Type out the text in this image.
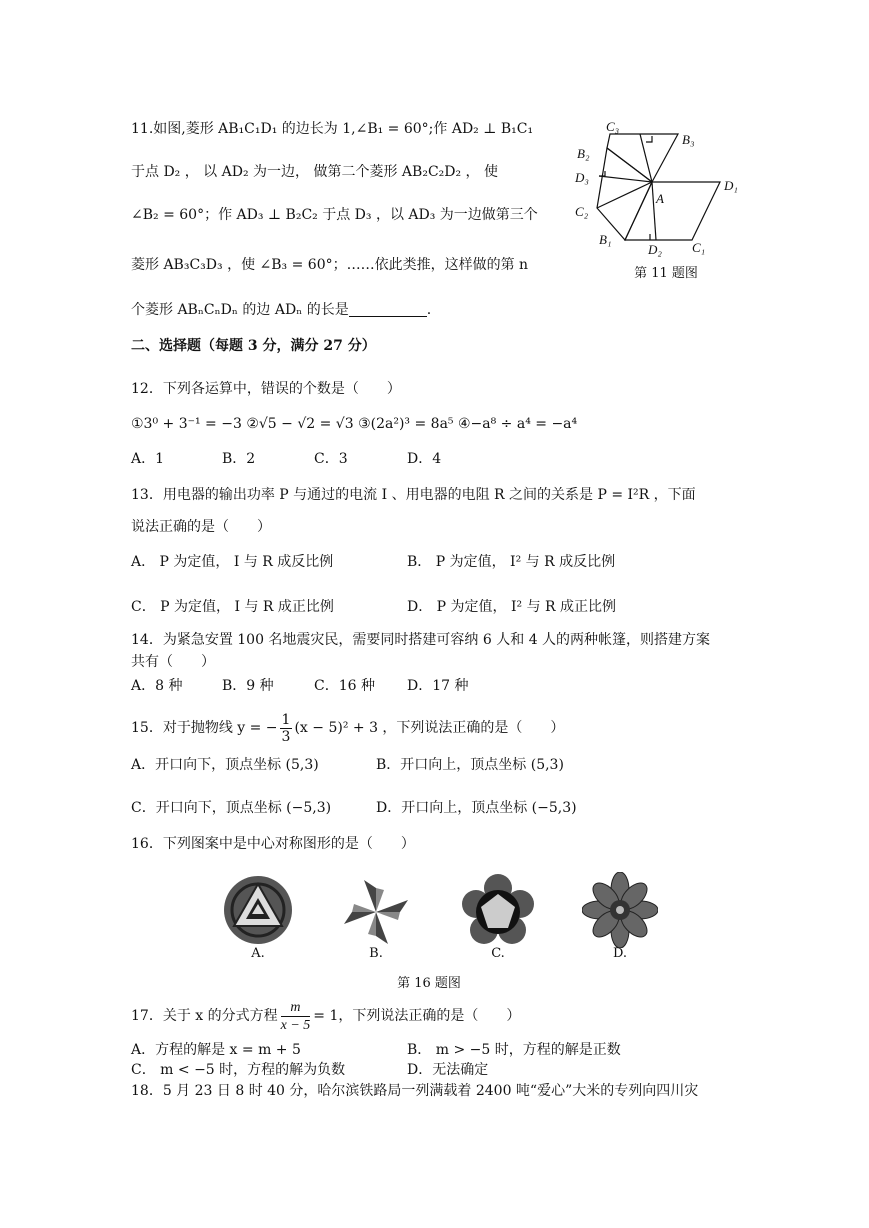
11.如图,菱形 AB₁C₁D₁ 的边长为 1,∠B₁ = 60°;作 AD₂ ⊥ B₁C₁
于点 D₂ ， 以 AD₂ 为一边， 做第二个菱形 AB₂C₂D₂ ， 使
∠B₂ = 60°；作 AD₃ ⊥ B₂C₂ 于点 D₃ ，以 AD₃ 为一边做第三个
菱形 AB₃C₃D₃ ，使 ∠B₃ = 60°；……依此类推，这样做的第 n
个菱形 ABₙCₙDₙ 的边 ADₙ 的长是	.
C₃
B₃
B₂
D₃
D₁
A
C₂
B₁
D₂ C₁
第 11 题图
二、选择题（每题 3 分，满分 27 分）
12．下列各运算中，错误的个数是（　　）
①3⁰ + 3⁻¹ = −3 ②√5 − √2 = √3 ③(2a²)³ = 8a⁵ ④−a⁸ ÷ a⁴ = −a⁴
A．1	B．2	C．3	D．4
13．用电器的输出功率 P 与通过的电流 I 、用电器的电阻 R 之间的关系是 P = I²R ，下面
说法正确的是（　　）
A． P 为定值， I 与 R 成反比例	B． P 为定值， I² 与 R 成反比例
C． P 为定值， I 与 R 成正比例	D． P 为定值， I² 与 R 成正比例
14．为紧急安置 100 名地震灾民，需要同时搭建可容纳 6 人和 4 人的两种帐篷，则搭建方案
共有（　　）
A．8 种	B．9 种	C．16 种 D．17 种
15．对于抛物线 y = − $\frac{1}{3} (x - 5)^2 + 3$ ，下列说法正确的是（　　）
A．开口向下，顶点坐标 (5,3)	B．开口向上，顶点坐标 (5,3)
C．开口向下，顶点坐标 (−5,3)	D．开口向上，顶点坐标 (−5,3)
16．下列图案中是中心对称图形的是（　　）
A.	B.	C.	D.
第 16 题图
17．关于 x 的分式方程 $\frac{m}{x - 5} = 1$，下列说法正确的是（　　）
A．方程的解是 x = m + 5	B． m > −5 时，方程的解是正数
C． m < −5 时，方程的解为负数	D．无法确定
18．5 月 23 日 8 时 40 分，哈尔滨铁路局一列满载着 2400 吨“爱心”大米的专列向四川灾
